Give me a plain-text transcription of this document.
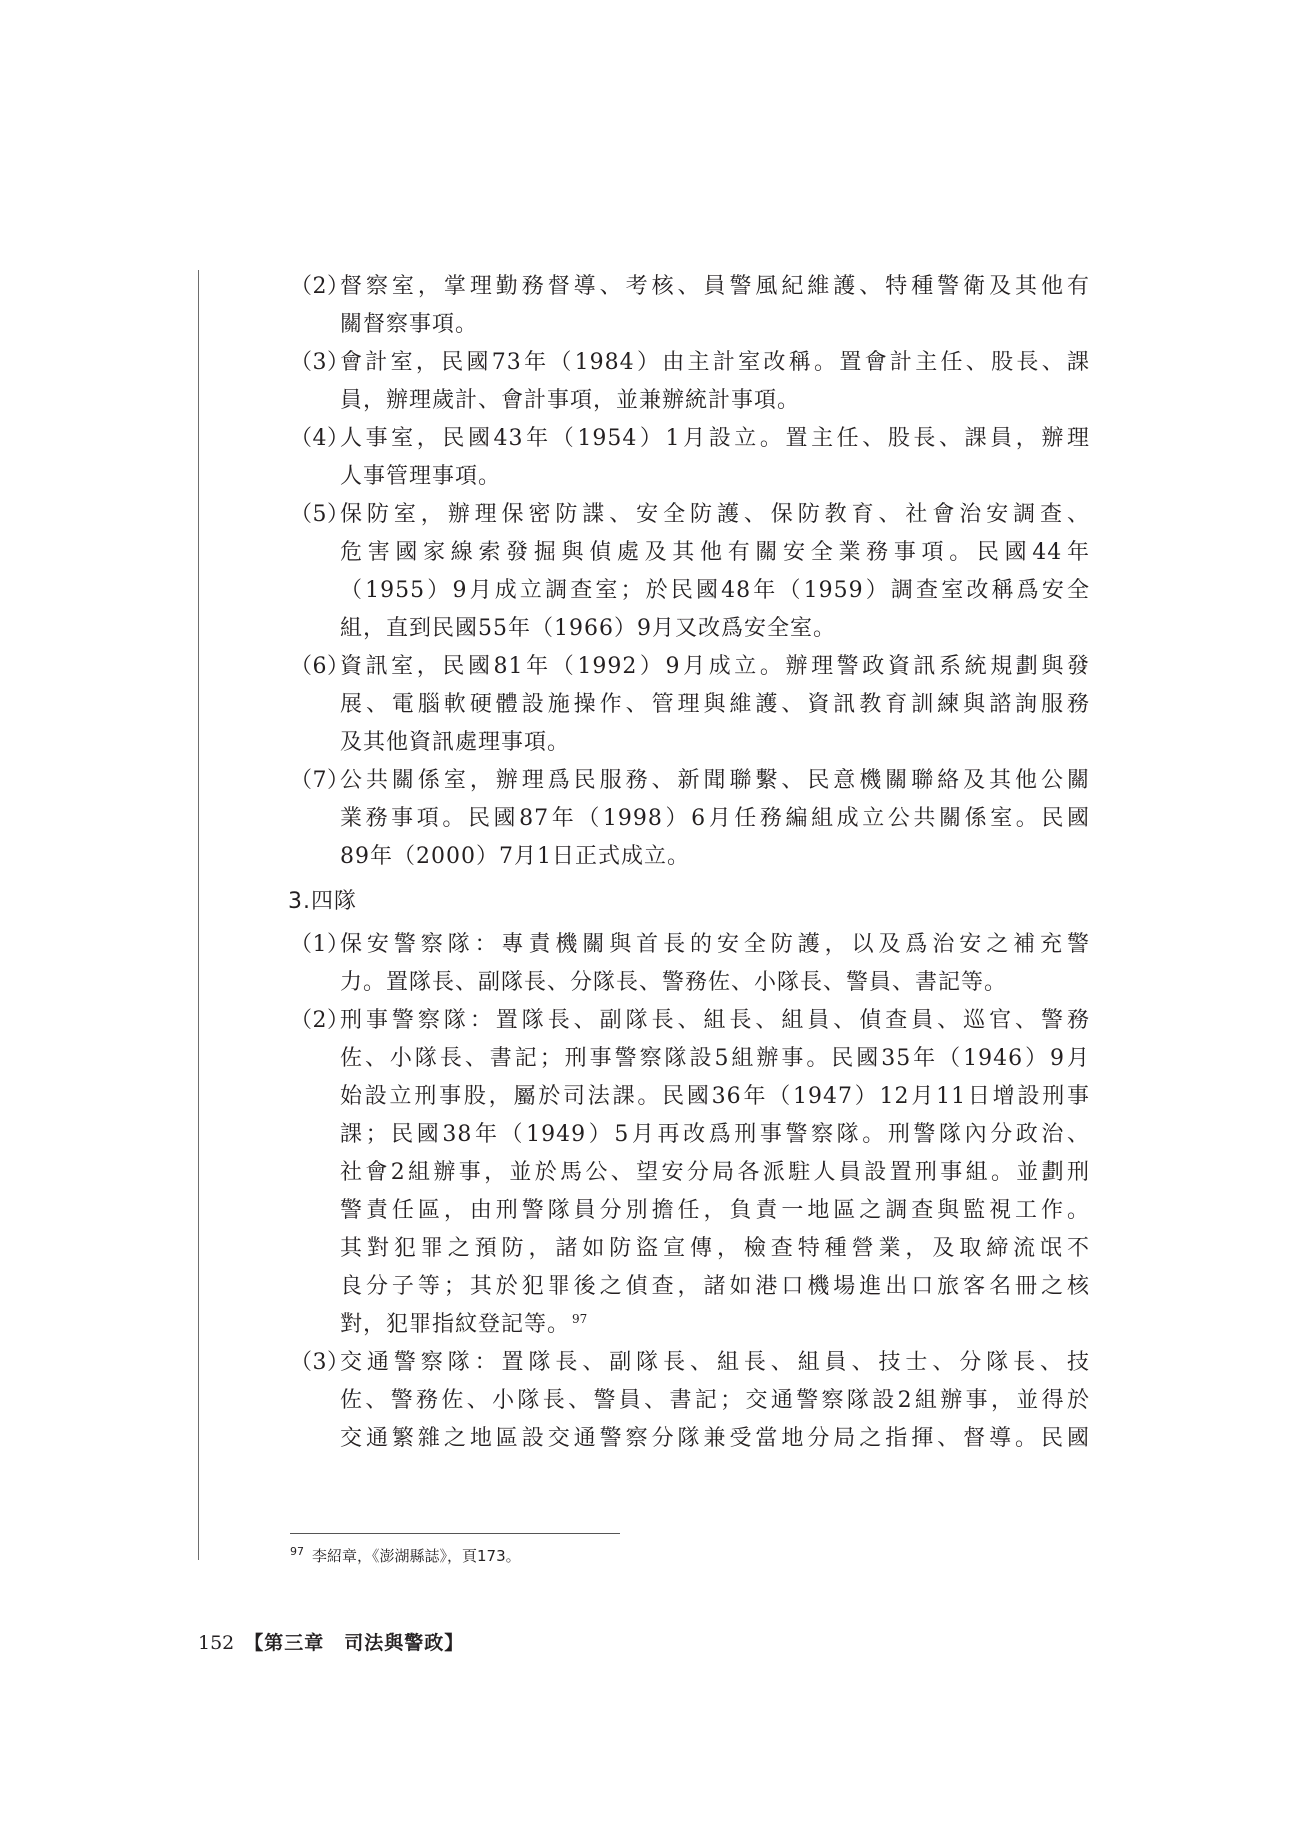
（2）
督察室，掌理勤務督導、考核、員警風紀維護、特種警衛及其他有
關督察事項。
（3）
會計室，民國73年（1984）由主計室改稱。置會計主任、股長、課
員，辦理歲計、會計事項，並兼辦統計事項。
（4）
人事室，民國43年（1954）1月設立。置主任、股長、課員，辦理
人事管理事項。
（5）
保防室，辦理保密防諜、安全防護、保防教育、社會治安調查、
危害國家線索發掘與偵處及其他有關安全業務事項。民國44年
（1955）9月成立調查室；於民國48年（1959）調查室改稱爲安全
組，直到民國55年（1966）9月又改爲安全室。
（6）
資訊室，民國81年（1992）9月成立。辦理警政資訊系統規劃與發
展、電腦軟硬體設施操作、管理與維護、資訊教育訓練與諮詢服務
及其他資訊處理事項。
（7）
公共關係室，辦理爲民服務、新聞聯繫、民意機關聯絡及其他公關
業務事項。民國87年（1998）6月任務編組成立公共關係室。民國
89年（2000）7月1日正式成立。
3.四隊
（1）
保安警察隊：專責機關與首長的安全防護，以及爲治安之補充警
力。置隊長、副隊長、分隊長、警務佐、小隊長、警員、書記等。
（2）
刑事警察隊：置隊長、副隊長、組長、組員、偵查員、巡官、警務
佐、小隊長、書記；刑事警察隊設5組辦事。民國35年（1946）9月
始設立刑事股，屬於司法課。民國36年（1947）12月11日增設刑事
課；民國38年（1949）5月再改爲刑事警察隊。刑警隊內分政治、
社會2組辦事，並於馬公、望安分局各派駐人員設置刑事組。並劃刑
警責任區，由刑警隊員分別擔任，負責一地區之調查與監視工作。
其對犯罪之預防，諸如防盜宣傳，檢查特種營業，及取締流氓不
良分子等；其於犯罪後之偵查，諸如港口機場進出口旅客名冊之核
對，犯罪指紋登記等。 $^{97}$
（3）
交通警察隊：置隊長、副隊長、組長、組員、技士、分隊長、技
佐、警務佐、小隊長、警員、書記；交通警察隊設2組辦事，並得於
交通繁雜之地區設交通警察分隊兼受當地分局之指揮、督導。民國
$^{97}$ 李紹章，《澎湖縣誌》，頁173。
152 【第三章　司法與警政】
